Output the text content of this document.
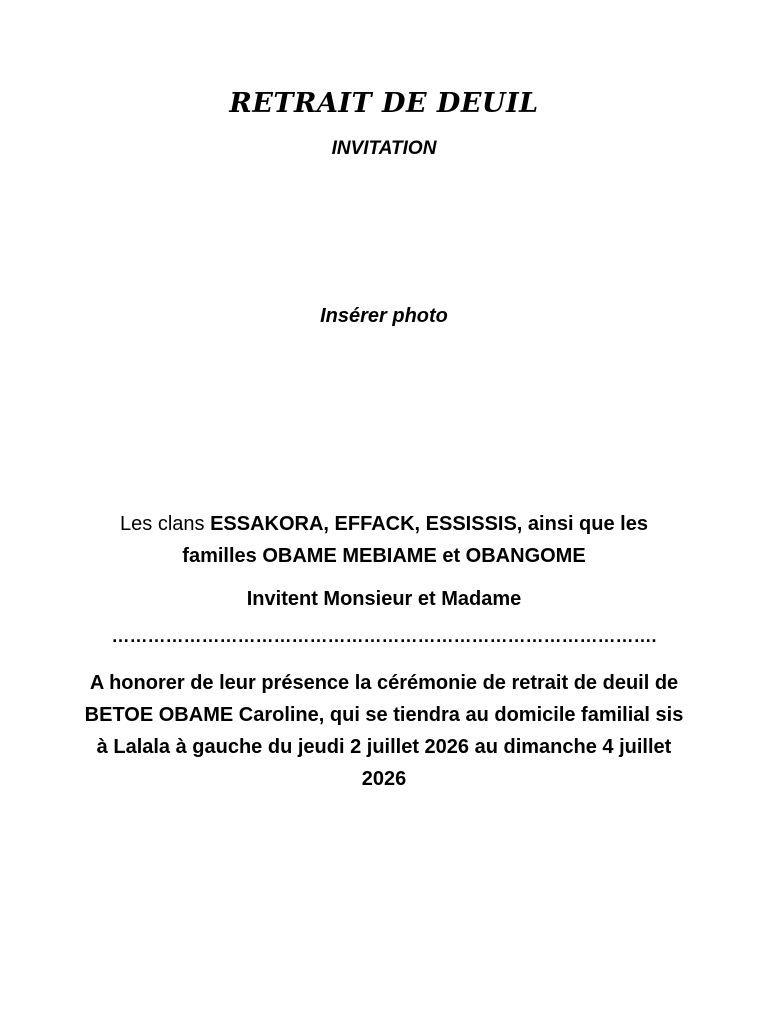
RETRAIT DE DEUIL
INVITATION
Insérer photo

Les clans ESSAKORA, EFFACK, ESSISSIS, ainsi que les familles OBAME MEBIAME et OBANGOME

Invitent Monsieur et Madame
……………………………………………………………………………….

A honorer de leur présence la cérémonie de retrait de deuil de BETOE OBAME Caroline, qui se tiendra au domicile familial sis à Lalala à gauche du jeudi 2 juillet 2026 au dimanche 4 juillet 2026
